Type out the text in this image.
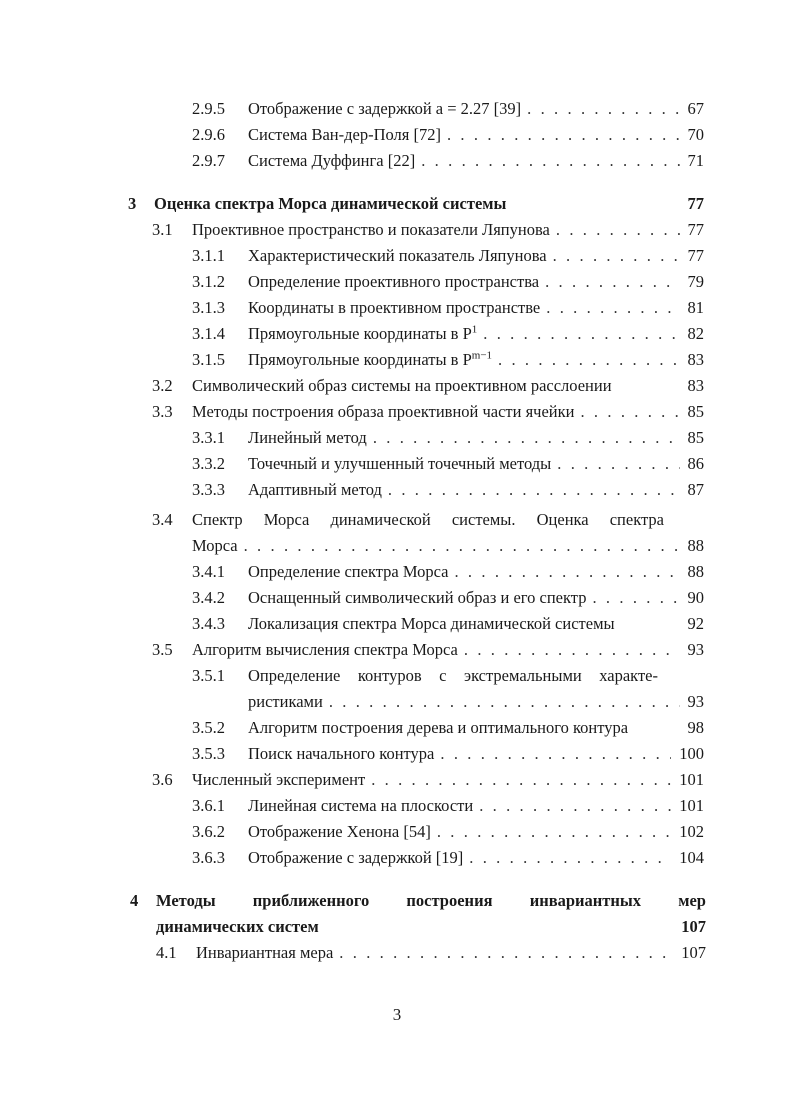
2.9.5	Отображение с задержкой a = 2.27 [39] . . .	67
2.9.6	Система Ван-дер-Поля [72] . . .	70
2.9.7	Система Дуффинга [22] . . .	71
3	Оценка спектра Морса динамической системы	77
3.1	Проективное пространство и показатели Ляпунова . . .	77
3.1.1	Характеристический показатель Ляпунова . . .	77
3.1.2	Определение проективного пространства . . .	79
3.1.3	Координаты в проективном пространстве . . .	81
3.1.4	Прямоугольные координаты в $P^1$ . . .	82
3.1.5	Прямоугольные координаты в $P^{m-1}$ . . .	83
3.2	Символический образ системы на проективном расслоении	83
3.3	Методы построения образа проективной части ячейки . . .	85
3.3.1	Линейный метод . . .	85
3.3.2	Точечный и улучшенный точечный методы . . .	86
3.3.3	Адаптивный метод . . .	87
3.4	Спектр Морса динамической системы. Оценка спектра
Морса . . .	88
3.4.1	Определение спектра Морса . . .	88
3.4.2	Оснащенный символический образ и его спектр . . .	90
3.4.3	Локализация спектра Морса динамической системы	92
3.5	Алгоритм вычисления спектра Морса . . .	93
3.5.1	Определение контуров с экстремальными характе-
ристиками . . .	93
3.5.2	Алгоритм построения дерева и оптимального контура	98
3.5.3	Поиск начального контура . . .	100
3.6	Численный эксперимент . . .	101
3.6.1	Линейная система на плоскости . . .	101
3.6.2	Отображение Хенона [54] . . .	102
3.6.3	Отображение с задержкой [19] . . .	104
4	Методы приближенного построения инвариантных мер
динамических систем	107
4.1	Инвариантная мера . . .	107
3
